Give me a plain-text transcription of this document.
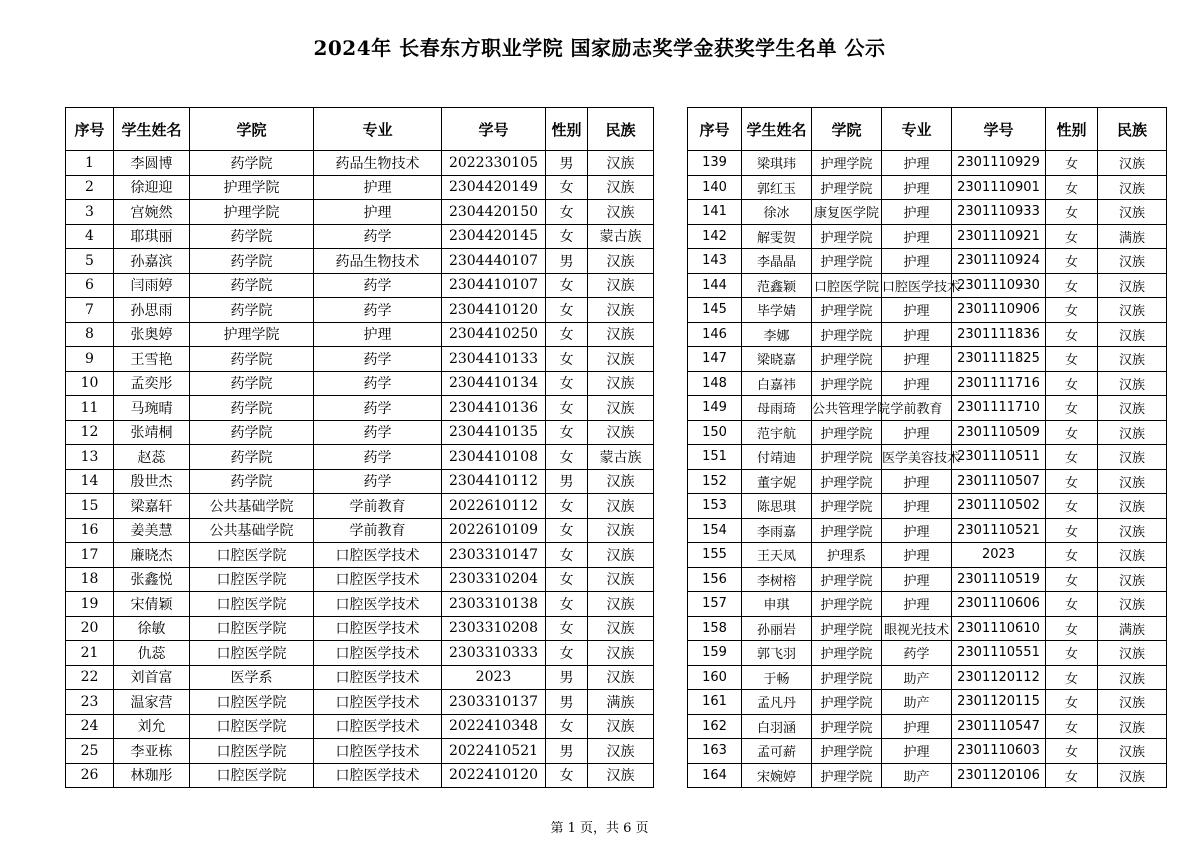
2024年 长春东方职业学院 国家励志奖学金获奖学生名单 公示
序号	学生姓名	学院	专业	学号	性别	民族
1	李圆博	药学院	药品生物技术	2022330105	男	汉族
2	徐迎迎	护理学院	护理	2304420149	女	汉族
3	宫婉然	护理学院	护理	2304420150	女	汉族
4	耶琪丽	药学院	药学	2304420145	女	蒙古族
5	孙嘉滨	药学院	药品生物技术	2304440107	男	汉族
6	闫雨婷	药学院	药学	2304410107	女	汉族
7	孙思雨	药学院	药学	2304410120	女	汉族
8	张奥婷	护理学院	护理	2304410250	女	汉族
9	王雪艳	药学院	药学	2304410133	女	汉族
10	孟奕彤	药学院	药学	2304410134	女	汉族
11	马琬晴	药学院	药学	2304410136	女	汉族
12	张靖桐	药学院	药学	2304410135	女	汉族
13	赵蕊	药学院	药学	2304410108	女	蒙古族
14	殷世杰	药学院	药学	2304410112	男	汉族
15	梁嘉轩	公共基础学院	学前教育	2022610112	女	汉族
16	姜美慧	公共基础学院	学前教育	2022610109	女	汉族
17	廉晓杰	口腔医学院	口腔医学技术	2303310147	女	汉族
18	张鑫悦	口腔医学院	口腔医学技术	2303310204	女	汉族
19	宋倩颖	口腔医学院	口腔医学技术	2303310138	女	汉族
20	徐敏	口腔医学院	口腔医学技术	2303310208	女	汉族
21	仇蕊	口腔医学院	口腔医学技术	2303310333	女	汉族
22	刘首富	医学系	口腔医学技术	2023	男	汉族
23	温家营	口腔医学院	口腔医学技术	2303310137	男	满族
24	刘允	口腔医学院	口腔医学技术	2022410348	女	汉族
25	李亚栋	口腔医学院	口腔医学技术	2022410521	男	汉族
26	林珈彤	口腔医学院	口腔医学技术	2022410120	女	汉族
序号	学生姓名	学院	专业	学号	性别	民族
139	梁琪玮	护理学院	护理	2301110929	女	汉族
140	郭红玉	护理学院	护理	2301110901	女	汉族
141	徐冰	康复医学院	护理	2301110933	女	汉族
142	解雯贺	护理学院	护理	2301110921	女	满族
143	李晶晶	护理学院	护理	2301110924	女	汉族
144	范鑫颖	口腔医学院	口腔医学技术	2301110930	女	汉族
145	毕学婧	护理学院	护理	2301110906	女	汉族
146	李娜	护理学院	护理	2301111836	女	汉族
147	梁晓嘉	护理学院	护理	2301111825	女	汉族
148	白嘉祎	护理学院	护理	2301111716	女	汉族
149	母雨琦	公共管理学院	学前教育	2301111710	女	汉族
150	范宇航	护理学院	护理	2301110509	女	汉族
151	付靖迪	护理学院	医学美容技术	2301110511	女	汉族
152	董字妮	护理学院	护理	2301110507	女	汉族
153	陈思琪	护理学院	护理	2301110502	女	汉族
154	李雨嘉	护理学院	护理	2301110521	女	汉族
155	王天凤	护理系	护理	2023	女	汉族
156	李树榕	护理学院	护理	2301110519	女	汉族
157	申琪	护理学院	护理	2301110606	女	汉族
158	孙丽岩	护理学院	眼视光技术	2301110610	女	满族
159	郭飞羽	护理学院	药学	2301110551	女	汉族
160	于畅	护理学院	助产	2301120112	女	汉族
161	孟凡丹	护理学院	助产	2301120115	女	汉族
162	白羽涵	护理学院	护理	2301110547	女	汉族
163	孟可薪	护理学院	护理	2301110603	女	汉族
164	宋婉婷	护理学院	助产	2301120106	女	汉族
第 1 页，共 6 页
